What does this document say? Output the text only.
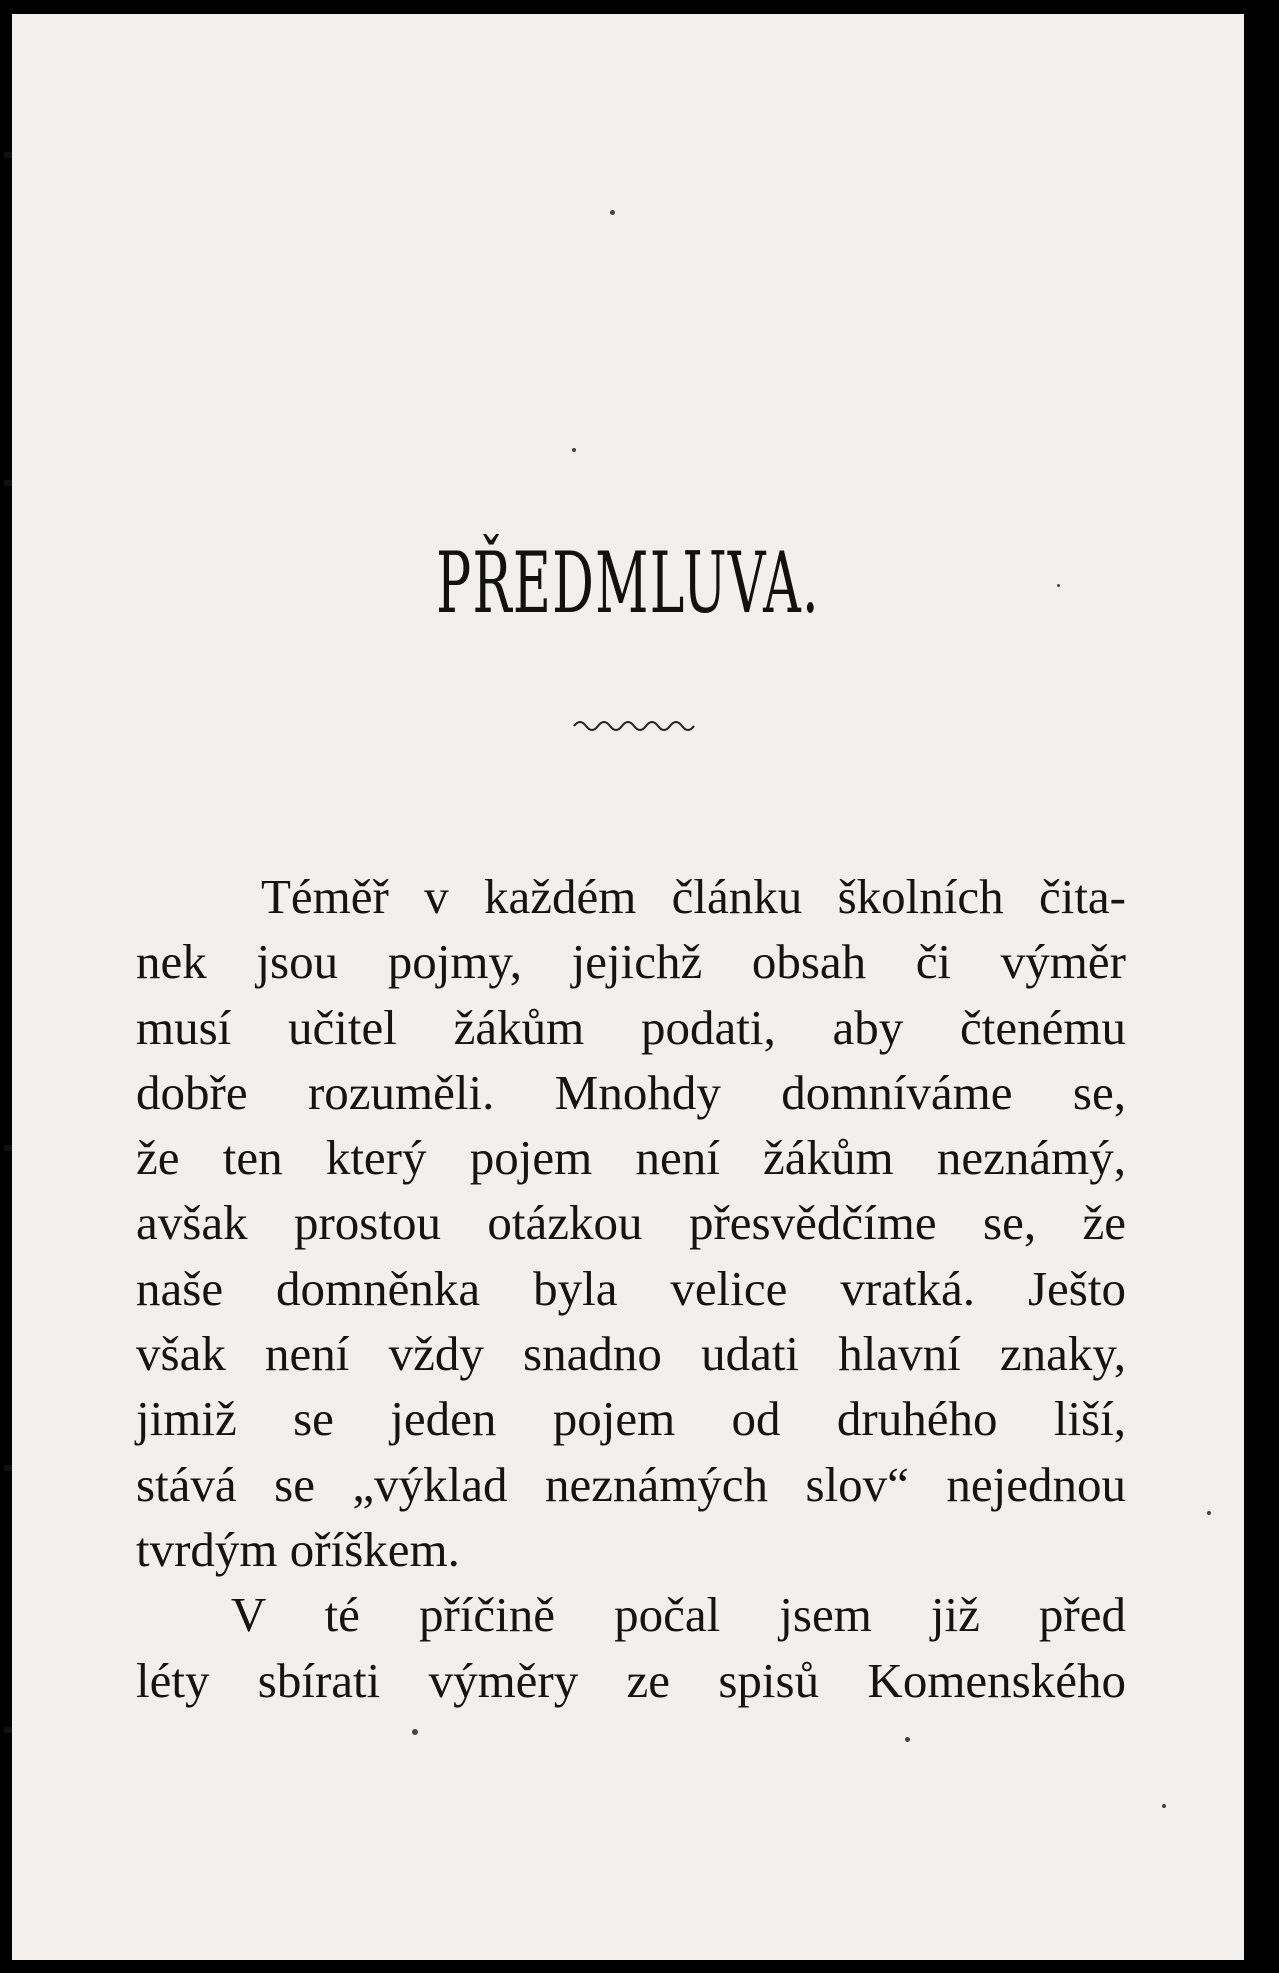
PŘEDMLUVA.
Téměř v každém článku školních čita-
nek jsou pojmy, jejichž obsah či výměr
musí učitel žákům podati, aby čtenému
dobře rozuměli. Mnohdy domníváme se,
že ten který pojem není žákům neznámý,
avšak prostou otázkou přesvědčíme se, že
naše domněnka byla velice vratká. Ješto
však není vždy snadno udati hlavní znaky,
jimiž se jeden pojem od druhého liší,
stává se „výklad neznámých slov“ nejednou
tvrdým oříškem.
V té příčině počal jsem již před
léty sbírati výměry ze spisů Komenského
